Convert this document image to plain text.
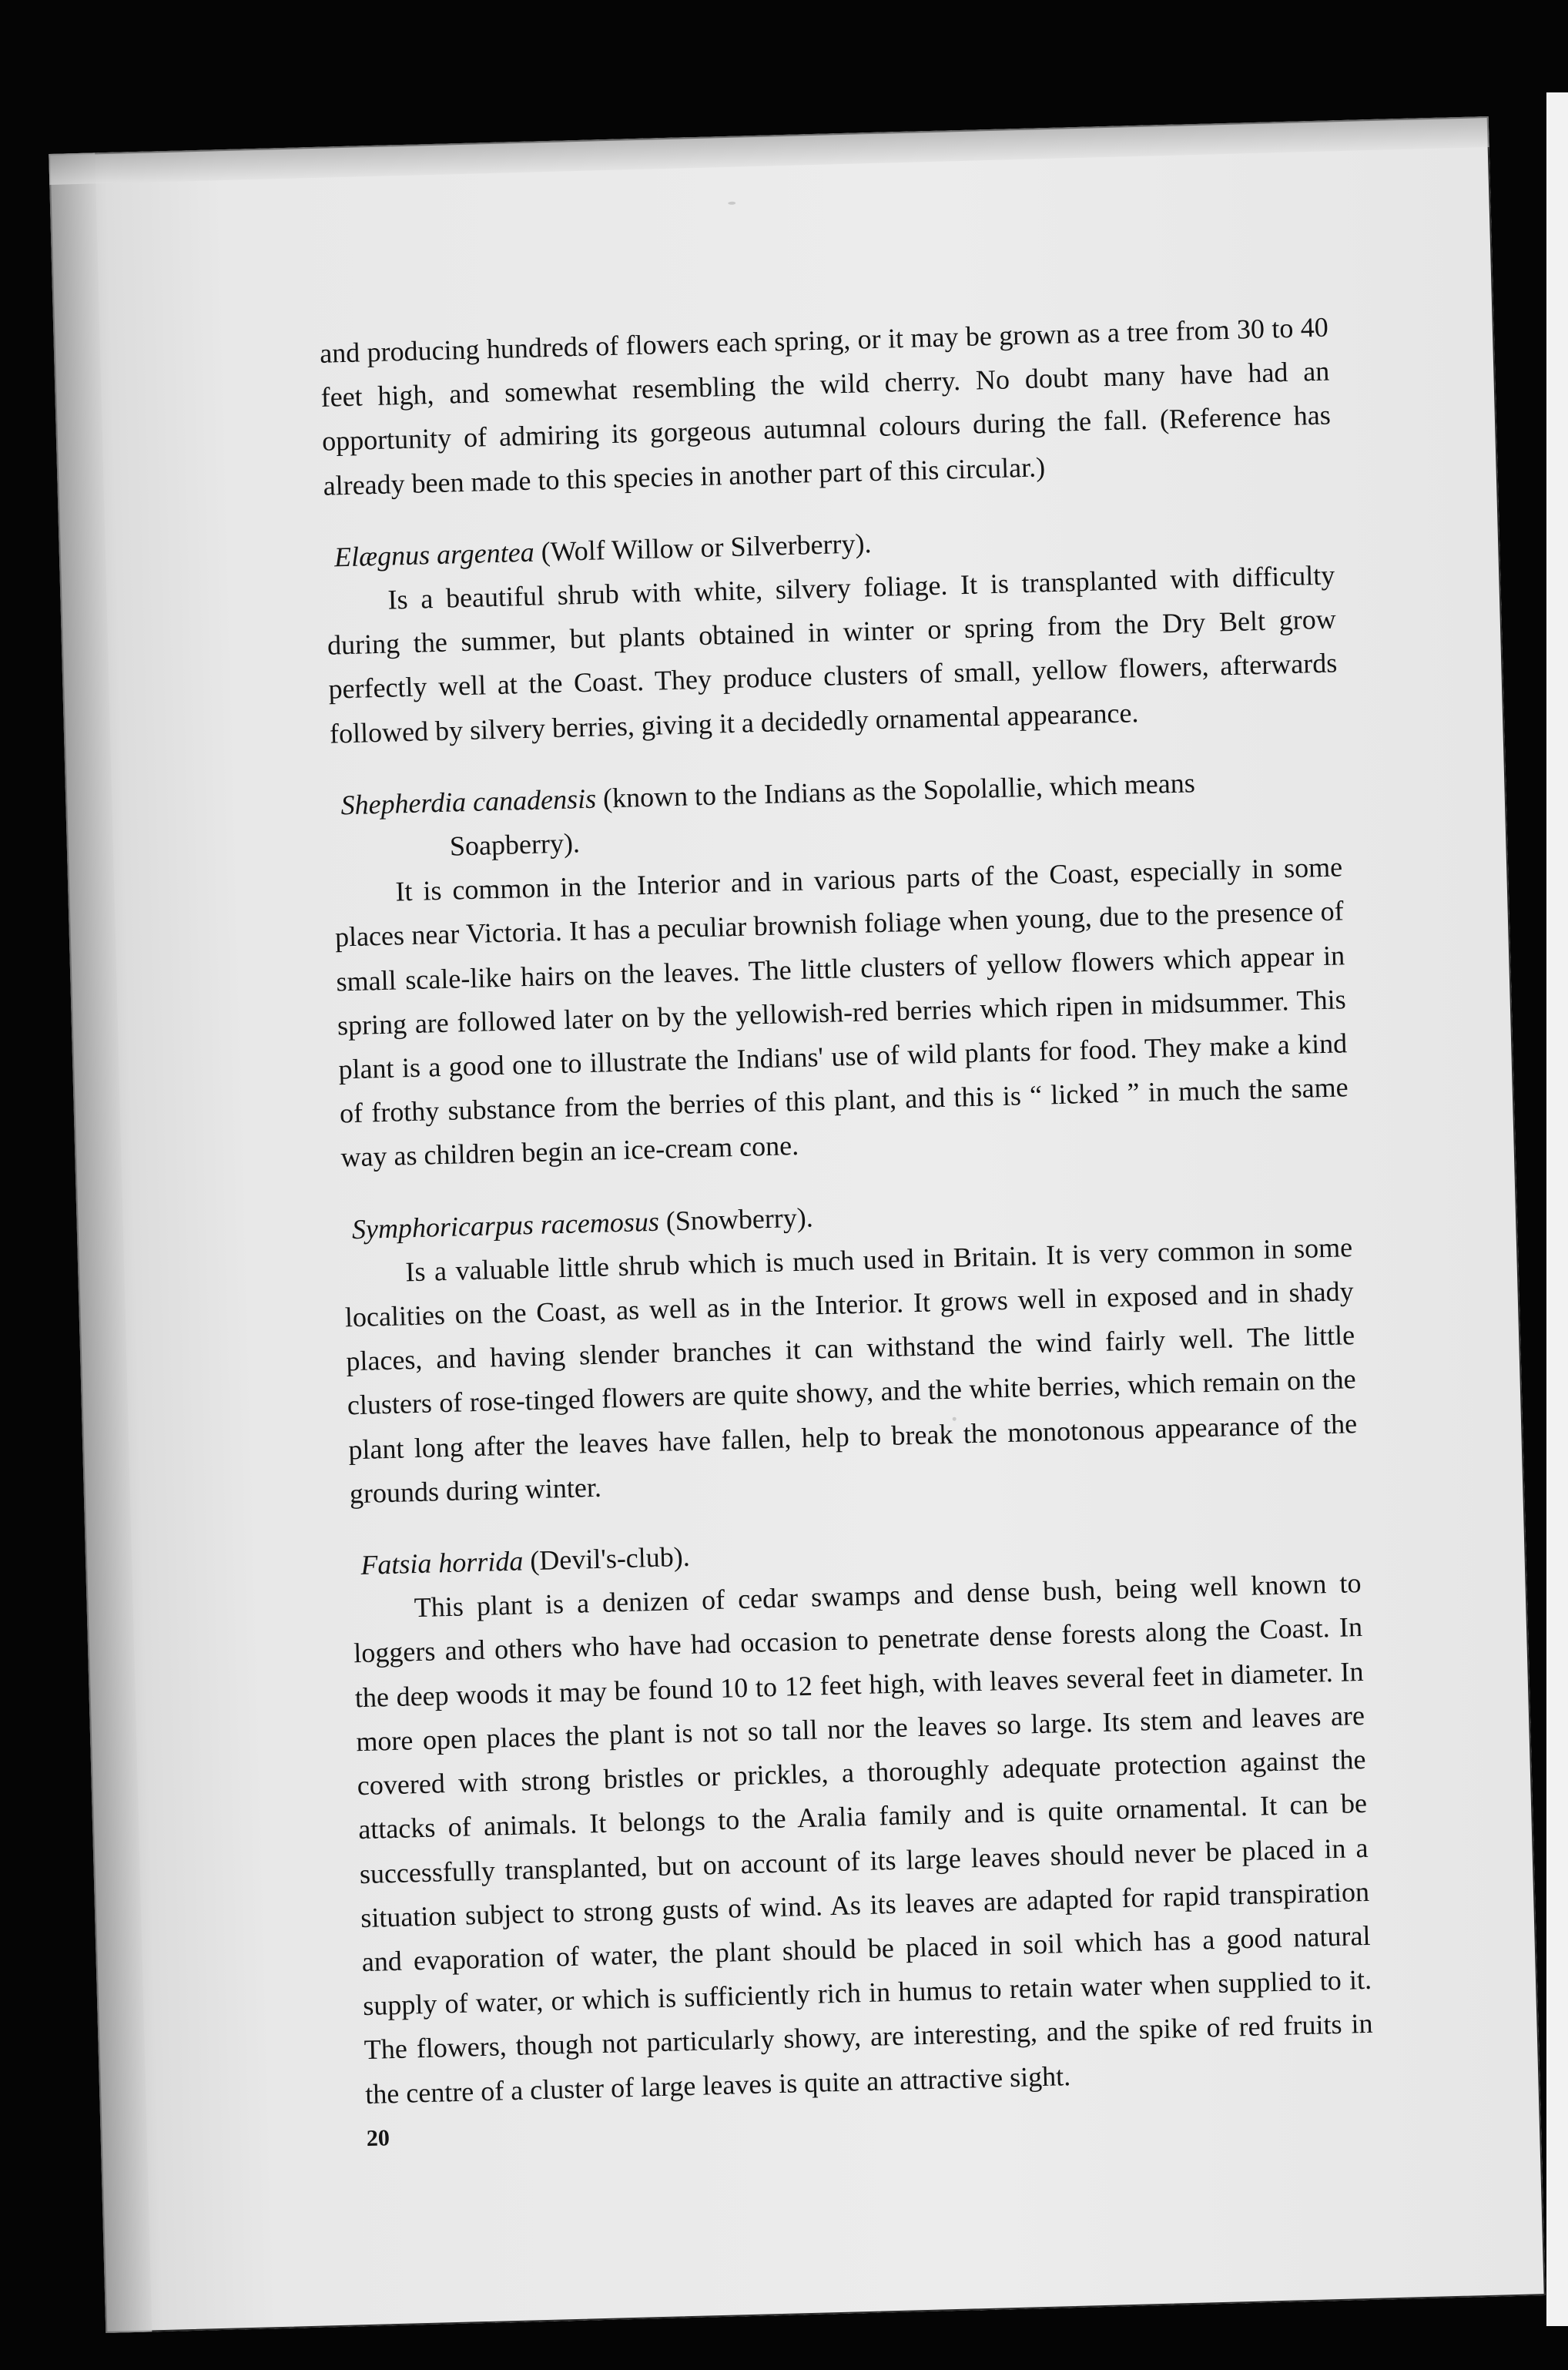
and producing hundreds of flowers each spring, or it may be grown as a tree from 30 to 40 feet high, and somewhat resembling the wild cherry. No doubt many have had an opportunity of admiring its gorgeous autumnal colours during the fall. (Reference has already been made to this species in another part of this circular.)

Elægnus argentea (Wolf Willow or Silverberry).

Is a beautiful shrub with white, silvery foliage. It is transplanted with difficulty during the summer, but plants obtained in winter or spring from the Dry Belt grow perfectly well at the Coast. They produce clusters of small, yellow flowers, afterwards followed by silvery berries, giving it a decidedly ornamental appearance.

Shepherdia canadensis (known to the Indians as the Sopolallie, which means

Soapberry).

It is common in the Interior and in various parts of the Coast, especially in some places near Victoria. It has a peculiar brownish foliage when young, due to the presence of small scale-like hairs on the leaves. The little clusters of yellow flowers which appear in spring are followed later on by the yellowish-red berries which ripen in midsummer. This plant is a good one to illustrate the Indians' use of wild plants for food. They make a kind of frothy substance from the berries of this plant, and this is “ licked ” in much the same way as children begin an ice-cream cone.

Symphoricarpus racemosus (Snowberry).

Is a valuable little shrub which is much used in Britain. It is very common in some localities on the Coast, as well as in the Interior. It grows well in exposed and in shady places, and having slender branches it can withstand the wind fairly well. The little clusters of rose-tinged flowers are quite showy, and the white berries, which remain on the plant long after the leaves have fallen, help to break the monotonous appearance of the grounds during winter.

Fatsia horrida (Devil's-club).

This plant is a denizen of cedar swamps and dense bush, being well known to loggers and others who have had occasion to penetrate dense forests along the Coast. In the deep woods it may be found 10 to 12 feet high, with leaves several feet in diameter. In more open places the plant is not so tall nor the leaves so large. Its stem and leaves are covered with strong bristles or prickles, a thoroughly adequate protection against the attacks of animals. It belongs to the Aralia family and is quite ornamental. It can be successfully transplanted, but on account of its large leaves should never be placed in a situation subject to strong gusts of wind. As its leaves are adapted for rapid transpiration and evaporation of water, the plant should be placed in soil which has a good natural supply of water, or which is sufficiently rich in humus to retain water when supplied to it. The flowers, though not particularly showy, are interesting, and the spike of red fruits in the centre of a cluster of large leaves is quite an attractive sight.

20
